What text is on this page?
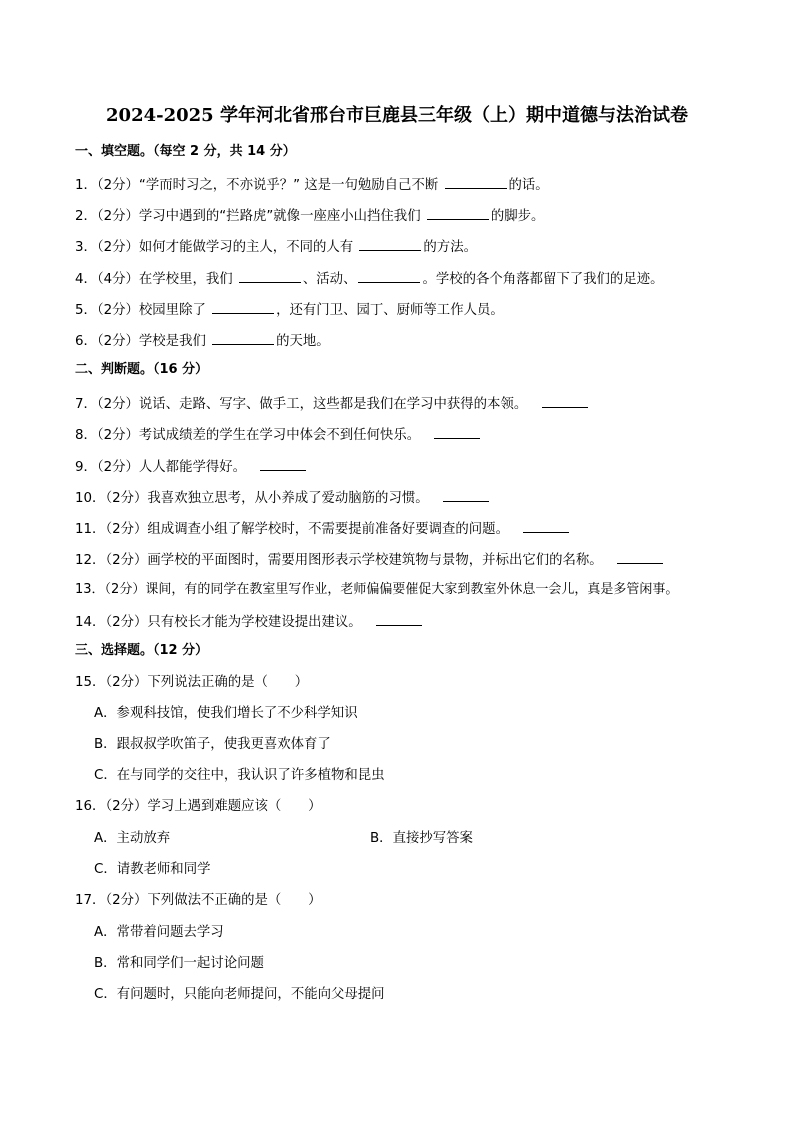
2024-2025 学年河北省邢台市巨鹿县三年级（上）期中道德与法治试卷
一、填空题。（每空 2 分，共 14 分）
1．（2分）“学而时习之，不亦说乎？” 这是一句勉励自己不断	的话。
2．（2分）学习中遇到的“拦路虎”就像一座座小山挡住我们	的脚步。
3．（2分）如何才能做学习的主人，不同的人有	的方法。
4．（4分）在学校里，我们	、活动、	。学校的各个角落都留下了我们的足迹。
5．（2分）校园里除了	，还有门卫、园丁、厨师等工作人员。
6．（2分）学校是我们	的天地。
二、判断题。（16 分）
7．（2分）说话、走路、写字、做手工，这些都是我们在学习中获得的本领。
8．（2分）考试成绩差的学生在学习中体会不到任何快乐。
9．（2分）人人都能学得好。
10．（2分）我喜欢独立思考，从小养成了爱动脑筋的习惯。
11．（2分）组成调查小组了解学校时，不需要提前准备好要调查的问题。
12．（2分）画学校的平面图时，需要用图形表示学校建筑物与景物，并标出它们的名称。
13．（2分）课间，有的同学在教室里写作业，老师偏偏要催促大家到教室外休息一会儿，真是多管闲事。
14．（2分）只有校长才能为学校建设提出建议。
三、选择题。（12 分）
15．（2分）下列说法正确的是（　　）
A．参观科技馆，使我们增长了不少科学知识
B．跟叔叔学吹笛子，使我更喜欢体育了
C．在与同学的交往中，我认识了许多植物和昆虫
16．（2分）学习上遇到难题应该（　　）
A．主动放弃	B．直接抄写答案
C．请教老师和同学
17．（2分）下列做法不正确的是（　　）
A．常带着问题去学习
B．常和同学们一起讨论问题
C．有问题时，只能向老师提问，不能向父母提问
